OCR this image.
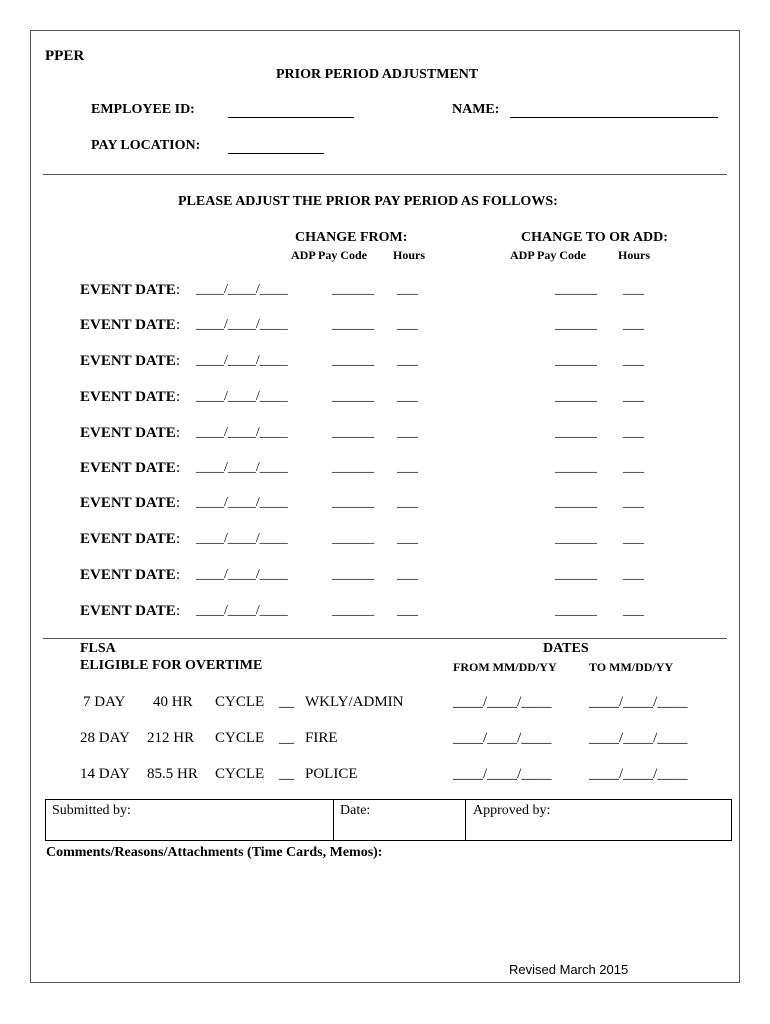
PPER
PRIOR PERIOD ADJUSTMENT
EMPLOYEE ID:	NAME:
PAY LOCATION:
PLEASE ADJUST THE PRIOR PAY PERIOD AS FOLLOWS:
CHANGE FROM:
ADP Pay Code Hours
CHANGE TO OR ADD:
ADP Pay Code	Hours
EVENT DATE : ____/____/____	______ ___	______ ___
EVENT DATE : ____/____/____	______ ___	______ ___
EVENT DATE : ____/____/____	______ ___	______ ___
EVENT DATE : ____/____/____	______ ___	______ ___
EVENT DATE : ____/____/____	______ ___	______ ___
EVENT DATE : ____/____/____	______ ___	______ ___
EVENT DATE : ____/____/____	______ ___	______ ___
EVENT DATE : ____/____/____	______ ___	______ ___
EVENT DATE : ____/____/____	______ ___	______ ___
EVENT DATE : ____/____/____	______ ___	______ ___
FLSA
ELIGIBLE FOR OVERTIME
DATES
FROM MM/DD/YY	TO MM/DD/YY
7 DAY 40 HR CYCLE __ WKLY/ADMIN	____/____/____	____/____/____
28 DAY 212 HR CYCLE __ FIRE	____/____/____	____/____/____
14 DAY 85.5 HR CYCLE __ POLICE	____/____/____	____/____/____
Submitted by:	Date:	Approved by:
Comments/Reasons/Attachments (Time Cards, Memos):
Revised March 2015
